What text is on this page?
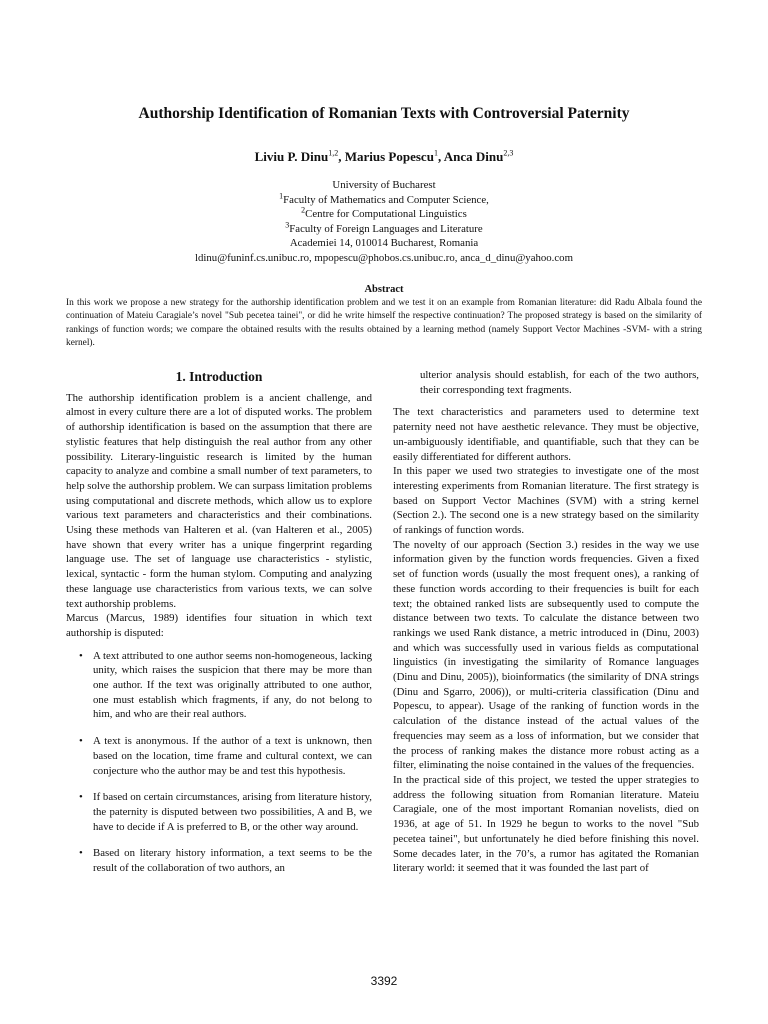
Authorship Identification of Romanian Texts with Controversial Paternity
Liviu P. Dinu$^{1,2}$, Marius Popescu$^1$, Anca Dinu$^{2,3}$
University of Bucharest
$^1$Faculty of Mathematics and Computer Science,
$^2$Centre for Computational Linguistics
$^3$Faculty of Foreign Languages and Literature
Academiei 14, 010014 Bucharest, Romania
ldinu@funinf.cs.unibuc.ro, mpopescu@phobos.cs.unibuc.ro, anca_d_dinu@yahoo.com
Abstract
In this work we propose a new strategy for the authorship identification problem and we test it on an example from Romanian literature: did Radu Albala found the continuation of Mateiu Caragiale’s novel "Sub pecetea tainei", or did he write himself the respective continuation? The proposed strategy is based on the similarity of rankings of function words; we compare the obtained results with the results obtained by a learning method (namely Support Vector Machines -SVM- with a string kernel).
1. Introduction

The authorship identification problem is a ancient challenge, and almost in every culture there are a lot of disputed works. The problem of authorship identification is based on the assumption that there are stylistic features that help distinguish the real author from any other possibility. Literary-linguistic research is limited by the human capacity to analyze and combine a small number of text parameters, to help solve the authorship problem. We can surpass limitation problems using computational and discrete methods, which allow us to explore various text parameters and characteristics and their combinations. Using these methods van Halteren et al. (van Halteren et al., 2005) have shown that every writer has a unique fingerprint regarding language use. The set of language use characteristics - stylistic, lexical, syntactic - form the human stylom. Computing and analyzing these language use characteristics from various texts, we can solve text authorship problems.

Marcus (Marcus, 1989) identifies four situation in which text authorship is disputed:

• A text attributed to one author seems non-homogeneous, lacking unity, which raises the suspicion that there may be more than one author. If the text was originally attributed to one author, one must establish which fragments, if any, do not belong to him, and who are their real authors.
• A text is anonymous. If the author of a text is unknown, then based on the location, time frame and cultural context, we can conjecture who the author may be and test this hypothesis.
• If based on certain circumstances, arising from literature history, the paternity is disputed between two possibilities, A and B, we have to decide if A is preferred to B, or the other way around.
• Based on literary history information, a text seems to be the result of the collaboration of two authors, an

ulterior analysis should establish, for each of the two authors, their corresponding text fragments.

The text characteristics and parameters used to determine text paternity need not have aesthetic relevance. They must be objective, un-ambiguously identifiable, and quantifiable, such that they can be easily differentiated for different authors.

In this paper we used two strategies to investigate one of the most interesting experiments from Romanian literature. The first strategy is based on Support Vector Machines (SVM) with a string kernel (Section 2.). The second one is a new strategy based on the similarity of rankings of function words.

The novelty of our approach (Section 3.) resides in the way we use information given by the function words frequencies. Given a fixed set of function words (usually the most frequent ones), a ranking of these function words according to their frequencies is built for each text; the obtained ranked lists are subsequently used to compute the distance between two texts. To calculate the distance between two rankings we used Rank distance, a metric introduced in (Dinu, 2003) and which was successfully used in various fields as computational linguistics (in investigating the similarity of Romance languages (Dinu and Dinu, 2005)), bioinformatics (the similarity of DNA strings (Dinu and Sgarro, 2006)), or multi-criteria classification (Dinu and Popescu, to appear). Usage of the ranking of function words in the calculation of the distance instead of the actual values of the frequencies may seem as a loss of information, but we consider that the process of ranking makes the distance more robust acting as a filter, eliminating the noise contained in the values of the frequencies.

In the practical side of this project, we tested the upper strategies to address the following situation from Romanian literature. Mateiu Caragiale, one of the most important Romanian novelists, died on 1936, at age of 51. In 1929 he begun to works to the novel "Sub pecetea tainei", but unfortunately he died before finishing this novel. Some decades later, in the 70’s, a rumor has agitated the Romanian literary world: it seemed that it was founded the last part of

3392
